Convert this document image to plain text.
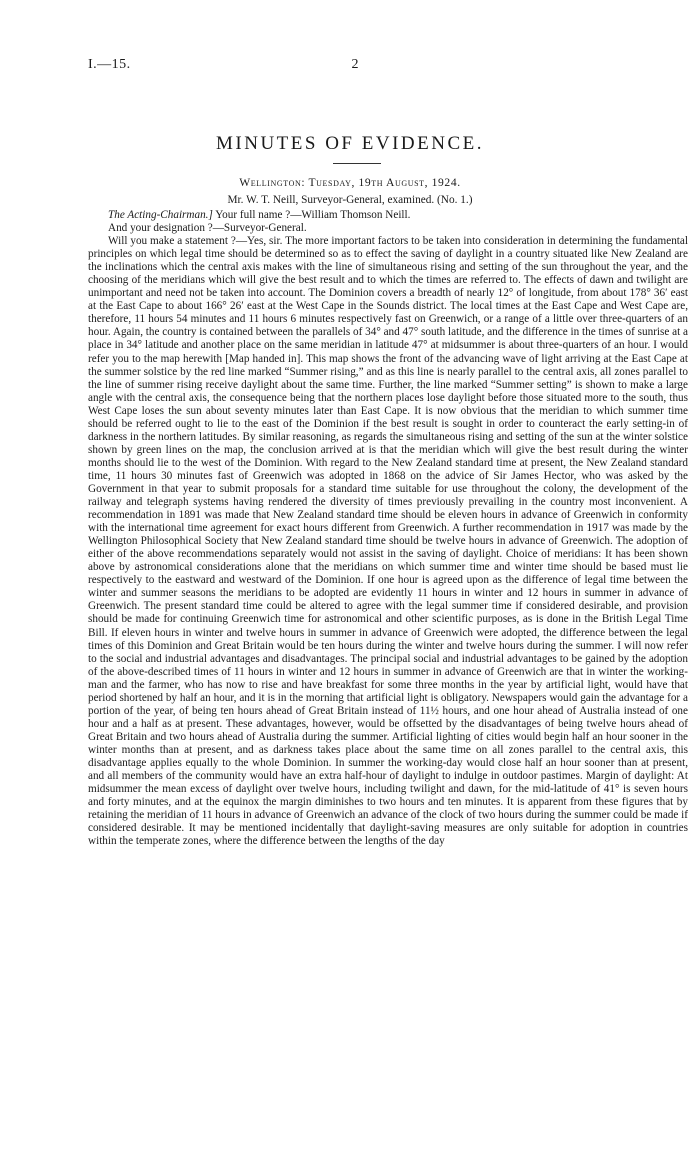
I.—15.	2
MINUTES OF EVIDENCE.
Wellington: Tuesday, 19th August, 1924.
Mr. W. T. Neill, Surveyor-General, examined. (No. 1.)

The Acting-Chairman.] Your full name ?—William Thomson Neill.

And your designation ?—Surveyor-General.

Will you make a statement ?—Yes, sir. The more important factors to be taken into consideration in determining the fundamental principles on which legal time should be determined so as to effect the saving of daylight in a country situated like New Zealand are the inclinations which the central axis makes with the line of simultaneous rising and setting of the sun throughout the year, and the choosing of the meridians which will give the best result and to which the times are referred to. The effects of dawn and twilight are unimportant and need not be taken into account. The Dominion covers a breadth of nearly 12° of longitude, from about 178° 36′ east at the East Cape to about 166° 26′ east at the West Cape in the Sounds district. The local times at the East Cape and West Cape are, therefore, 11 hours 54 minutes and 11 hours 6 minutes respectively fast on Greenwich, or a range of a little over three-quarters of an hour. Again, the country is contained between the parallels of 34° and 47° south latitude, and the difference in the times of sunrise at a place in 34° latitude and another place on the same meridian in latitude 47° at midsummer is about three-quarters of an hour. I would refer you to the map herewith [Map handed in]. This map shows the front of the advancing wave of light arriving at the East Cape at the summer solstice by the red line marked “Summer rising,” and as this line is nearly parallel to the central axis, all zones parallel to the line of summer rising receive daylight about the same time. Further, the line marked “Summer setting” is shown to make a large angle with the central axis, the consequence being that the northern places lose daylight before those situated more to the south, thus West Cape loses the sun about seventy minutes later than East Cape. It is now obvious that the meridian to which summer time should be referred ought to lie to the east of the Dominion if the best result is sought in order to counteract the early setting-in of darkness in the northern latitudes. By similar reasoning, as regards the simultaneous rising and setting of the sun at the winter solstice shown by green lines on the map, the conclusion arrived at is that the meridian which will give the best result during the winter months should lie to the west of the Dominion. With regard to the New Zealand standard time at present, the New Zealand standard time, 11 hours 30 minutes fast of Greenwich was adopted in 1868 on the advice of Sir James Hector, who was asked by the Government in that year to submit proposals for a standard time suitable for use throughout the colony, the development of the railway and telegraph systems having rendered the diversity of times previously prevailing in the country most inconvenient. A recommendation in 1891 was made that New Zealand standard time should be eleven hours in advance of Greenwich in conformity with the international time agreement for exact hours different from Greenwich. A further recommendation in 1917 was made by the Wellington Philosophical Society that New Zealand standard time should be twelve hours in advance of Greenwich. The adoption of either of the above recommendations separately would not assist in the saving of daylight. Choice of meridians: It has been shown above by astronomical considerations alone that the meridians on which summer time and winter time should be based must lie respectively to the eastward and westward of the Dominion. If one hour is agreed upon as the difference of legal time between the winter and summer seasons the meridians to be adopted are evidently 11 hours in winter and 12 hours in summer in advance of Greenwich. The present standard time could be altered to agree with the legal summer time if considered desirable, and provision should be made for continuing Greenwich time for astronomical and other scientific purposes, as is done in the British Legal Time Bill. If eleven hours in winter and twelve hours in summer in advance of Greenwich were adopted, the difference between the legal times of this Dominion and Great Britain would be ten hours during the winter and twelve hours during the summer. I will now refer to the social and industrial advantages and disadvantages. The principal social and industrial advantages to be gained by the adoption of the above-described times of 11 hours in winter and 12 hours in summer in advance of Greenwich are that in winter the working-man and the farmer, who has now to rise and have breakfast for some three months in the year by artificial light, would have that period shortened by half an hour, and it is in the morning that artificial light is obligatory. Newspapers would gain the advantage for a portion of the year, of being ten hours ahead of Great Britain instead of 11½ hours, and one hour ahead of Australia instead of one hour and a half as at present. These advantages, however, would be offsetted by the disadvantages of being twelve hours ahead of Great Britain and two hours ahead of Australia during the summer. Artificial lighting of cities would begin half an hour sooner in the winter months than at present, and as darkness takes place about the same time on all zones parallel to the central axis, this disadvantage applies equally to the whole Dominion. In summer the working-day would close half an hour sooner than at present, and all members of the community would have an extra half-hour of daylight to indulge in outdoor pastimes. Margin of daylight: At midsummer the mean excess of daylight over twelve hours, including twilight and dawn, for the mid-latitude of 41° is seven hours and forty minutes, and at the equinox the margin diminishes to two hours and ten minutes. It is apparent from these figures that by retaining the meridian of 11 hours in advance of Greenwich an advance of the clock of two hours during the summer could be made if considered desirable. It may be mentioned incidentally that daylight-saving measures are only suitable for adoption in countries within the temperate zones, where the difference between the lengths of the day
